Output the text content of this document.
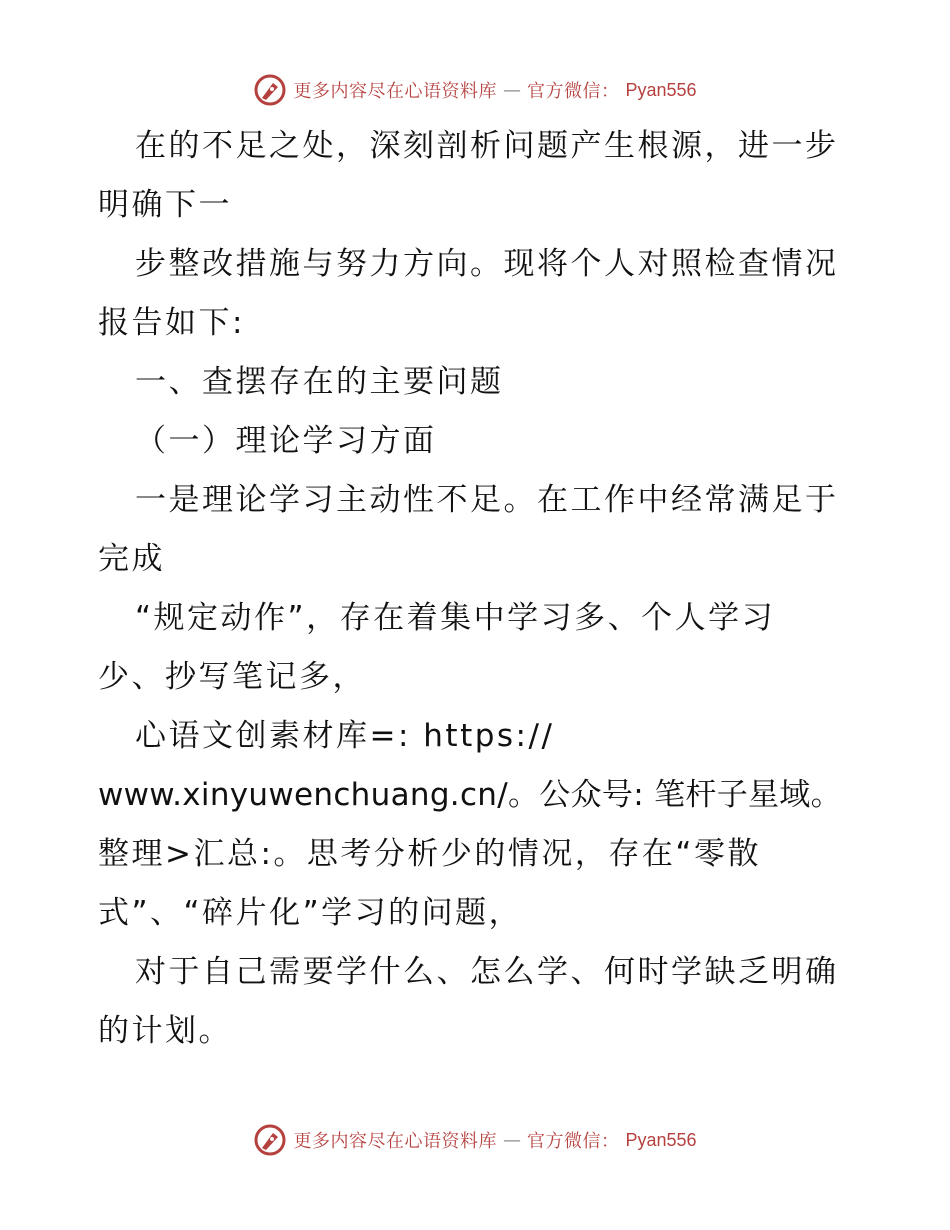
更多内容尽在心语资料库 — 官方微信： Pyan556

在的不足之处，深刻剖析问题产生根源，进一步

明确下一

步整改措施与努力方向。现将个人对照检查情况

报告如下:

一、查摆存在的主要问题

（一）理论学习方面

一是理论学习主动性不足。在工作中经常满足于

完成

“规定动作”，存在着集中学习多、个人学习

少、抄写笔记多，

心语文创素材库=: https://

www.xinyuwenchuang.cn/。公众号: 笔杆子星域。

整理>汇总:。思考分析少的情况，存在“零散

式”、“碎片化”学习的问题，

对于自己需要学什么、怎么学、何时学缺乏明确

的计划。

更多内容尽在心语资料库 — 官方微信： Pyan556
